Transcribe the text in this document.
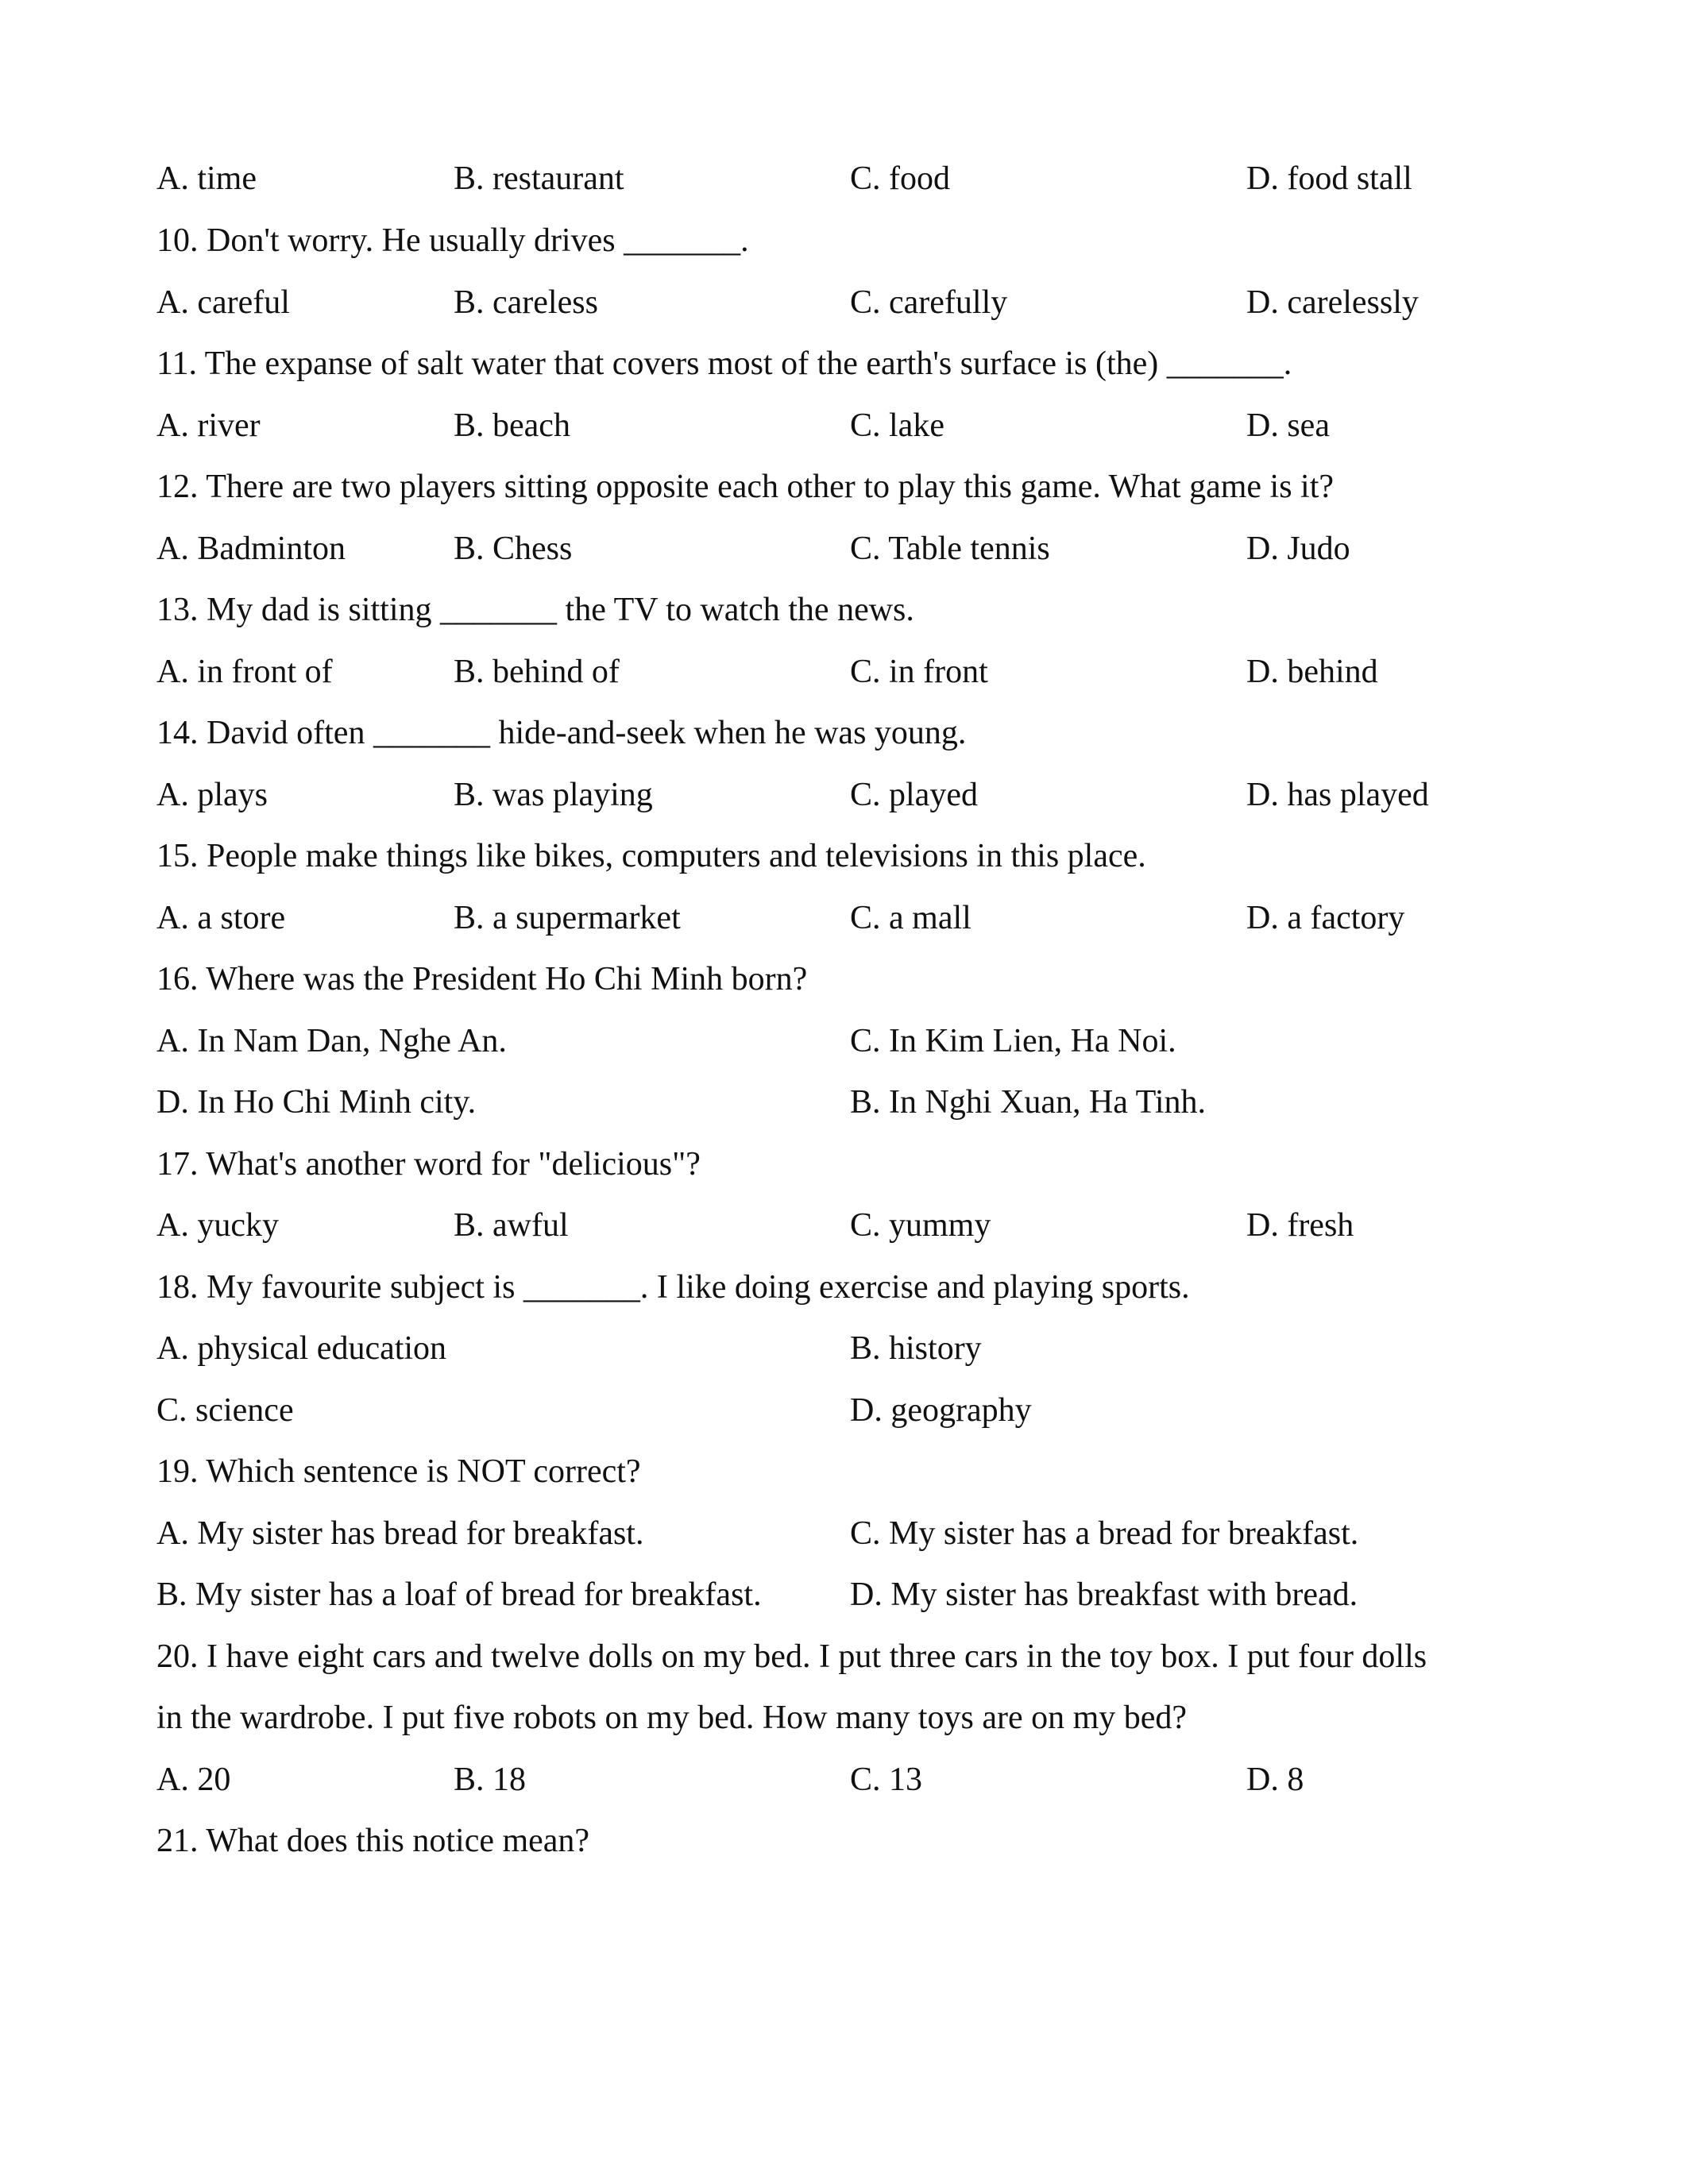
A. time	B. restaurant	C. food	D. food stall
10. Don't worry. He usually drives _______.
A. careful	B. careless	C. carefully	D. carelessly
11. The expanse of salt water that covers most of the earth's surface is (the) _______.
A. river	B. beach	C. lake	D. sea
12. There are two players sitting opposite each other to play this game. What game is it?
A. Badminton	B. Chess	C. Table tennis	D. Judo
13. My dad is sitting _______ the TV to watch the news.
A. in front of	B. behind of	C. in front	D. behind
14. David often _______ hide-and-seek when he was young.
A. plays	B. was playing	C. played	D. has played
15. People make things like bikes, computers and televisions in this place.
A. a store	B. a supermarket	C. a mall	D. a factory
16. Where was the President Ho Chi Minh born?
A. In Nam Dan, Nghe An.	C. In Kim Lien, Ha Noi.
D. In Ho Chi Minh city.	B. In Nghi Xuan, Ha Tinh.
17. What's another word for "delicious"?
A. yucky	B. awful	C. yummy	D. fresh
18. My favourite subject is _______. I like doing exercise and playing sports.
A. physical education	B. history
C. science	D. geography
19. Which sentence is NOT correct?
A. My sister has bread for breakfast.	C. My sister has a bread for breakfast.
B. My sister has a loaf of bread for breakfast.	D. My sister has breakfast with bread.
20. I have eight cars and twelve dolls on my bed. I put three cars in the toy box. I put four dolls
in the wardrobe. I put five robots on my bed. How many toys are on my bed?
A. 20	B. 18	C. 13	D. 8
21. What does this notice mean?
